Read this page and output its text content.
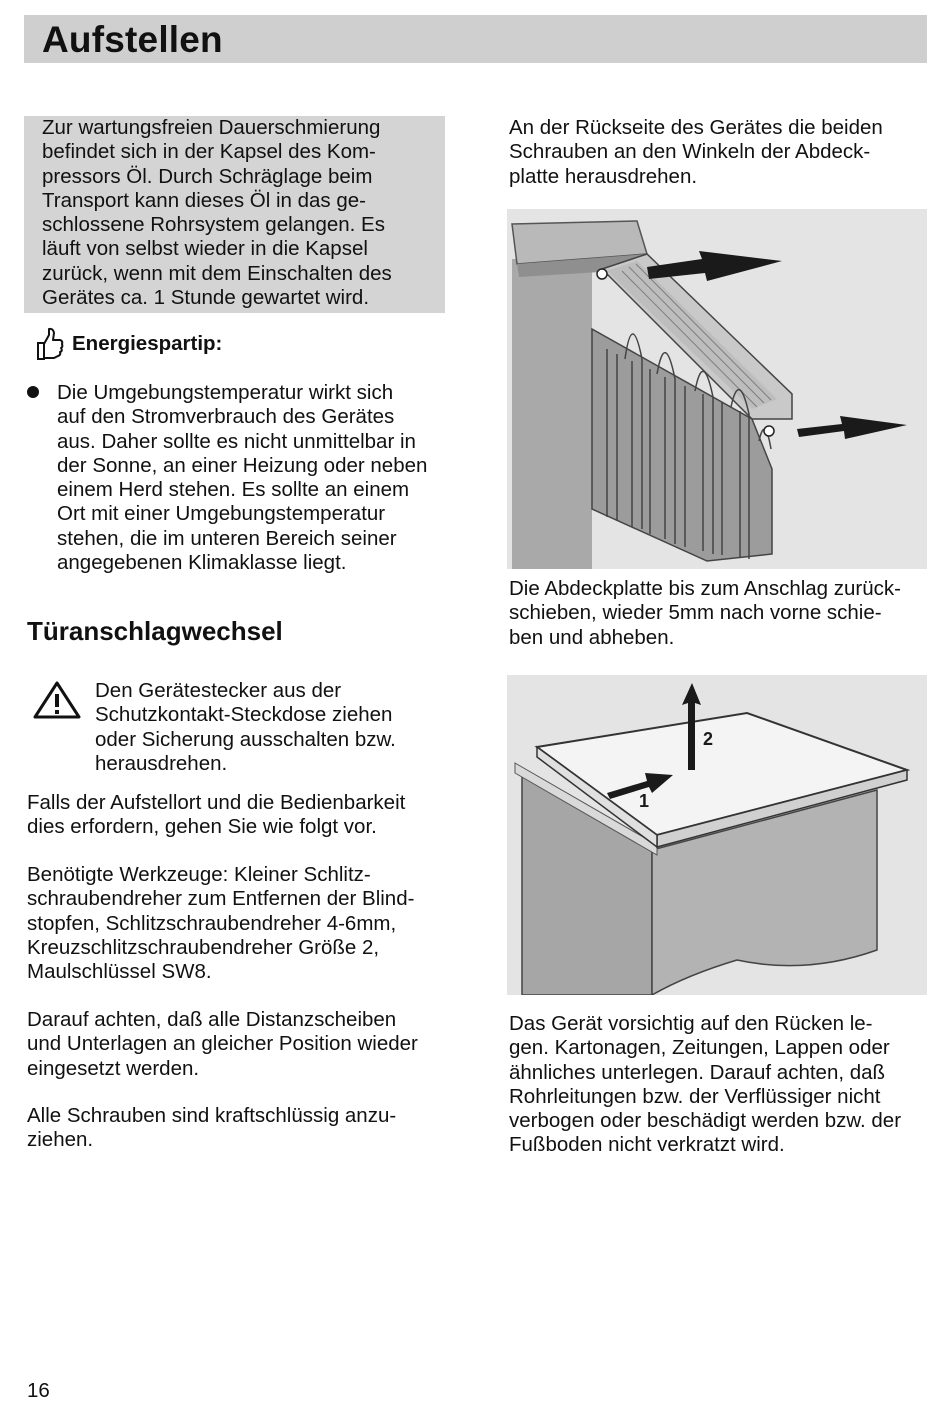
Aufstellen
Zur wartungsfreien Dauerschmierung
befindet sich in der Kapsel des Kom-
pressors Öl. Durch Schräglage beim
Transport kann dieses Öl in das ge-
schlossene Rohrsystem gelangen. Es
läuft von selbst wieder in die Kapsel
zurück, wenn mit dem Einschalten des
Gerätes ca. 1 Stunde gewartet wird.
Energiespartip:
Die Umgebungstemperatur wirkt sich
auf den Stromverbrauch des Gerätes
aus. Daher sollte es nicht unmittelbar in
der Sonne, an einer Heizung oder neben
einem Herd stehen. Es sollte an einem
Ort mit einer Umgebungstemperatur
stehen, die im unteren Bereich seiner
angegebenen Klimaklasse liegt.
Türanschlagwechsel
Den Gerätestecker aus der
Schutzkontakt-Steckdose ziehen
oder Sicherung ausschalten bzw.
herausdrehen.
Falls der Aufstellort und die Bedienbarkeit
dies erfordern, gehen Sie wie folgt vor.
Benötigte Werkzeuge: Kleiner Schlitz-
schraubendreher zum Entfernen der Blind-
stopfen, Schlitzschraubendreher 4-6mm,
Kreuzschlitzschraubendreher Größe 2,
Maulschlüssel SW8.
Darauf achten, daß alle Distanzscheiben
und Unterlagen an gleicher Position wieder
eingesetzt werden.
Alle Schrauben sind kraftschlüssig anzu-
ziehen.
An der Rückseite des Gerätes die beiden
Schrauben an den Winkeln der Abdeck-
platte herausdrehen.
Die Abdeckplatte bis zum Anschlag zurück-
schieben, wieder 5mm nach vorne schie-
ben und abheben.
1
2
Das Gerät vorsichtig auf den Rücken le-
gen. Kartonagen, Zeitungen, Lappen oder
ähnliches unterlegen. Darauf achten, daß
Rohrleitungen bzw. der Verflüssiger nicht
verbogen oder beschädigt werden bzw. der
Fußboden nicht verkratzt wird.
16
